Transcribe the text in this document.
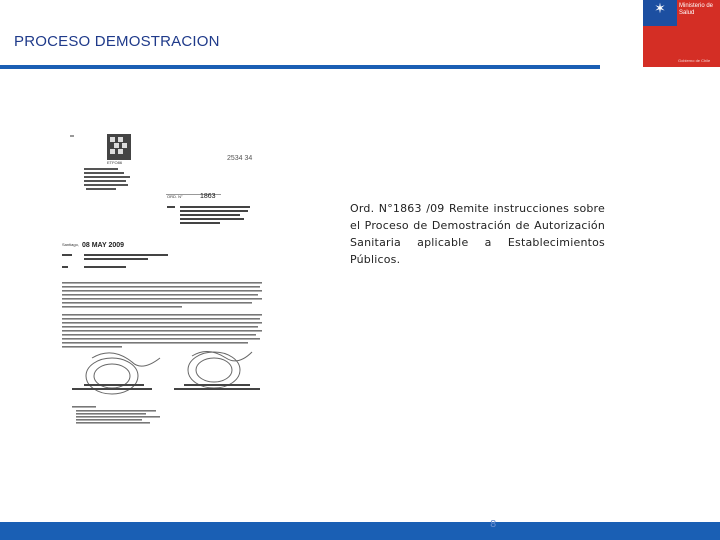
PROCESO DEMOSTRACION
✶	Ministerio de
Salud
Gobierno de Chile
ETFO86
2534 34
ORD. N° 1863
Santiago, 08 MAY 2009
Ord. N°1863 /09 Remite instrucciones sobre el Proceso de Demostración de Autorización Sanitaria aplicable a Establecimientos Públicos.
8
